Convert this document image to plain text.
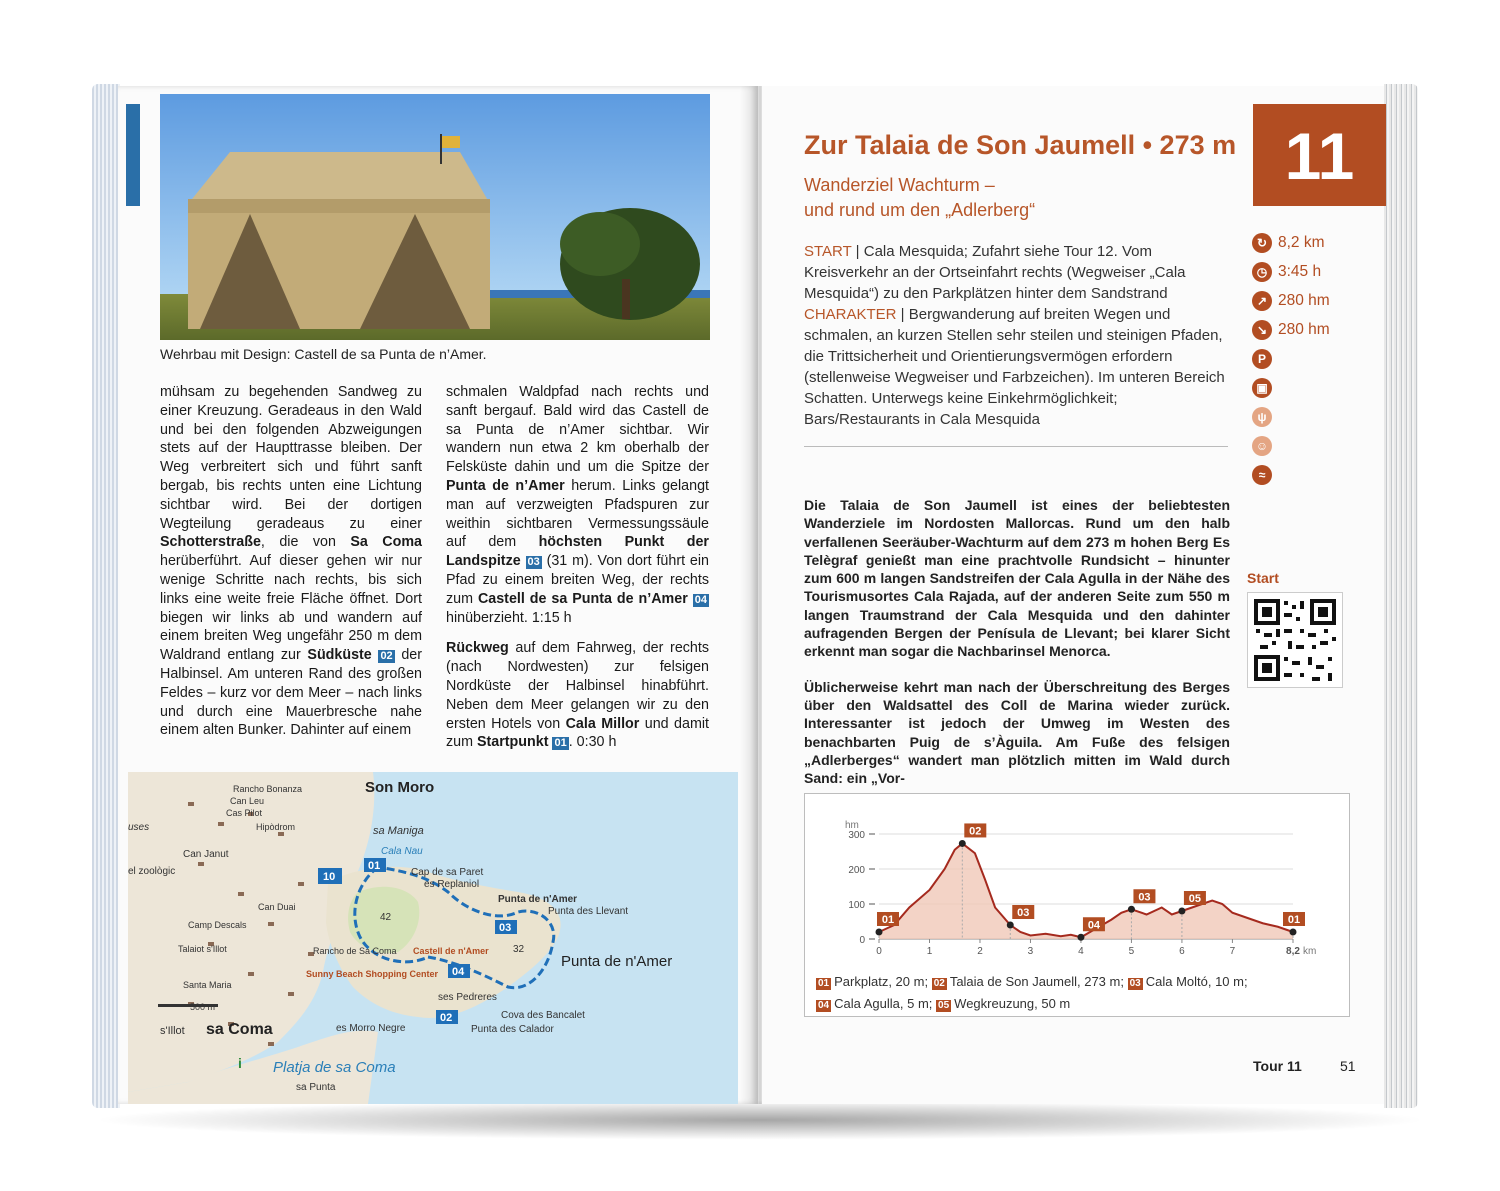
Wehrbau mit Design: Castell de sa Punta de n’Amer.

mühsam zu begehenden Sandweg zu einer Kreuzung. Geradeaus in den Wald und bei den folgenden Abzweigungen stets auf der Haupttrasse bleiben. Der Weg verbreitert sich und führt sanft bergab, bis rechts unten eine Lichtung sichtbar wird. Bei der dortigen Wegteilung geradeaus zu einer Schotterstraße, die von Sa Coma herüberführt. Auf dieser gehen wir nur wenige Schritte nach rechts, bis sich links eine weite freie Fläche öffnet. Dort biegen wir links ab und wandern auf einem breiten Weg ungefähr 250 m dem Waldrand entlang zur Südküste 02 der Halbinsel. Am unteren Rand des großen Feldes – kurz vor dem Meer – nach links und durch eine Mauerbresche nahe einem alten Bunker. Dahinter auf einem

schmalen Waldpfad nach rechts und sanft bergauf. Bald wird das Castell de sa Punta de n’Amer sichtbar. Wir wandern nun etwa 2 km oberhalb der Felsküste dahin und um die Spitze der Punta de n’Amer herum. Links gelangt man auf verzweigten Pfadspuren zur weithin sichtbaren Vermessungssäule auf dem höchsten Punkt der Landspitze 03 (31 m). Von dort führt ein Pfad zu einem breiten Weg, der rechts zum Castell de sa Punta de n’Amer 04 hinüberzieht. 1:15 h

Rückweg auf dem Fahrweg, der rechts (nach Nordwesten) zur felsigen Nordküste der Halbinsel hinabführt. Neben dem Meer gelangen wir zu den ersten Hotels von Cala Millor und damit zum Startpunkt 01 . 0:30 h

Son Moro
Rancho Bonanza
Can Leu
Cas Pilot
Hipòdrom	sa Maniga
Cala Nau
uses
Can Janut
el zoològic	Cap de sa Paret
es Replaniol
Punta de n'Amer
Punta des Llevant
Can Duai
Camp Descals
Talaiot s'Illot	Rancho de Sa Coma
Sunny Beach Shopping Center
Castell de n'Amer
Punta de n'Amer
Santa Maria
s'Illot sa Coma	es Morro Negre
ses Pedreres
Cova des Bancalet
Punta des Calador
Platja de sa Coma
sa Punta
42
32
10
01
02
03
04
i
Zur Talaia de Son Jaumell • 273 m
Wanderziel Wachturm –
und rund um den „Adlerberg“
11
START | Cala Mesquida; Zufahrt siehe Tour 12. Vom Kreisverkehr an der Ortseinfahrt rechts (Wegweiser „Cala Mesquida“) zu den Parkplätzen hinter dem Sandstrand
CHARAKTER | Bergwanderung auf breiten Wegen und schmalen, an kurzen Stellen sehr steilen und steinigen Pfaden, die Trittsicherheit und Orientierungsvermögen erfordern (stellenweise Wegweiser und Farbzeichen). Im unteren Bereich Schatten. Unterwegs keine Einkehrmöglichkeit; Bars/Restaurants in Cala Mesquida
↻ 8,2 km
◷ 3:45 h
↗ 280 hm
↘ 280 hm
P
▣
ψ
☺
≈
Start

Die Talaia de Son Jaumell ist eines der beliebtesten Wanderziele im Nordosten Mallorcas. Rund um den halb verfallenen Seeräuber-Wachturm auf dem 273 m hohen Berg Es Telègraf genießt man eine prachtvolle Rundsicht – hinunter zum 600 m langen Sandstreifen der Cala Agulla in der Nähe des Tourismusortes Cala Rajada, auf der anderen Seite zum 550 m langen Traumstrand der Cala Mesquida und den dahinter aufragenden Bergen der Penísula de Llevant; bei klarer Sicht erkennt man sogar die Nachbarinsel Menorca.

Üblicherweise kehrt man nach der Überschreitung des Berges über den Waldsattel des Coll de Marina wieder zurück. Interessanter ist jedoch der Umweg im Westen des benachbarten Puig de s’Àguila. Am Fuße des felsigen „Adlerberges“ wandert man plötzlich mitten im Wald durch Sand: ein „Vor-

0
100
200
300
hm
0	1	2	3	4	5	6	7	8,2 km
01
02
03
04
03	05
01
01 Parkplatz, 20 m; 02 Talaia de Son Jaumell, 273 m; 03 Cala Moltó, 10 m;
04 Cala Agulla, 5 m; 05 Wegkreuzung, 50 m
Tour 11	51
